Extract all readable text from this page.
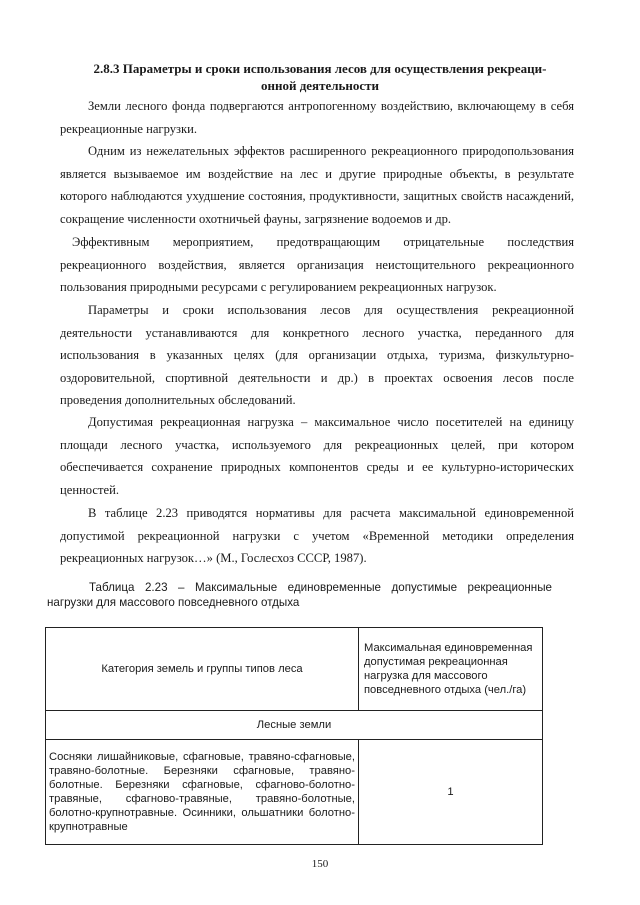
2.8.3 Параметры и сроки использования лесов для осуществления рекреаци-
онной деятельности
Земли лесного фонда подвергаются антропогенному воздействию, включающему в себя рекреационные нагрузки.
Одним из нежелательных эффектов расширенного рекреационного природопользования является вызываемое им воздействие на лес и другие природные объекты, в результате которого наблюдаются ухудшение состояния, продуктивности, защитных свойств насаждений, сокращение численности охотничьей фауны, загрязнение водоемов и др.
Эффективным мероприятием, предотвращающим отрицательные последствия рекреационного воздействия, является организация неистощительного рекреационного пользования природными ресурсами с регулированием рекреационных нагрузок.
Параметры и сроки использования лесов для осуществления рекреационной деятельности устанавливаются для конкретного лесного участка, переданного для использования в указанных целях (для организации отдыха, туризма, физкультурно-оздоровительной, спортивной деятельности и др.) в проектах освоения лесов после проведения дополнительных обследований.
Допустимая рекреационная нагрузка – максимальное число посетителей на единицу площади лесного участка, используемого для рекреационных целей, при котором обеспечивается сохранение природных компонентов среды и ее культурно-исторических ценностей.
В таблице 2.23 приводятся нормативы для расчета максимальной единовременной допустимой рекреационной нагрузки с учетом «Временной методики определения рекреационных нагрузок…» (М., Гослесхоз СССР, 1987).
Таблица 2.23 – Максимальные единовременные допустимые рекреационные нагрузки для массового повседневного отдыха
Категория земель и группы типов леса	Максимальная единовременная допустимая рекреационная нагрузка для массового повседневного отдыха (чел./га)
Лесные земли	
Сосняки лишайниковые, сфагновые, травяно-сфагновые, травяно-болотные. Березняки сфагновые, травяно-болотные. Березняки сфагновые, сфагново-болотно-травяные, сфагново-травяные, травяно-болотные, болотно-крупнотравные. Осинники, ольшатники болотно-крупнотравные	1
150
